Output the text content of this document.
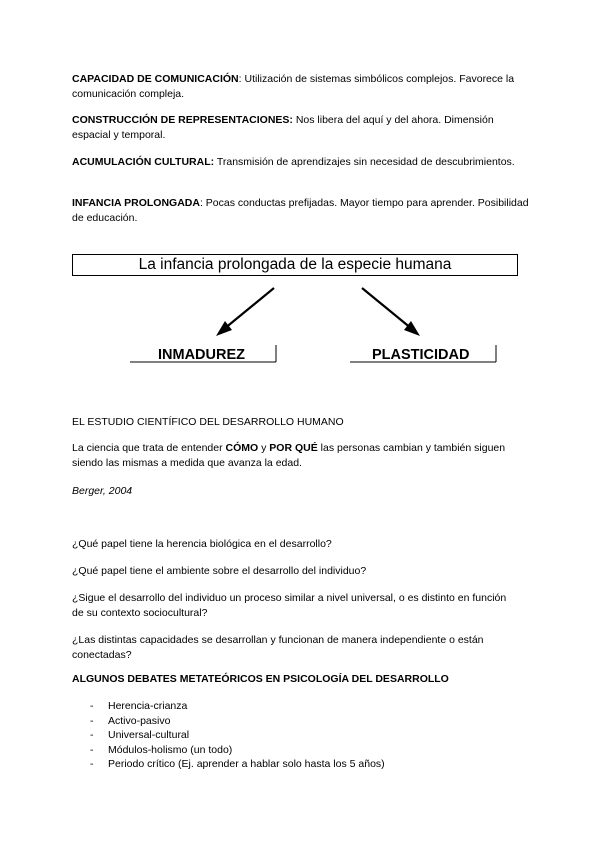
CAPACIDAD DE COMUNICACIÓN: Utilización de sistemas simbólicos complejos. Favorece la comunicación compleja.
CONSTRUCCIÓN DE REPRESENTACIONES: Nos libera del aquí y del ahora. Dimensión espacial y temporal.
ACUMULACIÓN CULTURAL: Transmisión de aprendizajes sin necesidad de descubrimientos.
INFANCIA PROLONGADA: Pocas conductas prefijadas. Mayor tiempo para aprender. Posibilidad de educación.
La infancia prolongada de la especie humana
INMADUREZ	PLASTICIDAD
EL ESTUDIO CIENTÍFICO DEL DESARROLLO HUMANO
La ciencia que trata de entender CÓMO y POR QUÉ las personas cambian y también siguen siendo las mismas a medida que avanza la edad.
Berger, 2004
¿Qué papel tiene la herencia biológica en el desarrollo?
¿Qué papel tiene el ambiente sobre el desarrollo del individuo?
¿Sigue el desarrollo del individuo un proceso similar a nivel universal, o es distinto en función de su contexto sociocultural?
¿Las distintas capacidades se desarrollan y funcionan de manera independiente o están conectadas?
ALGUNOS DEBATES METATEÓRICOS EN PSICOLOGÍA DEL DESARROLLO
- Herencia-crianza
- Activo-pasivo
- Universal-cultural
- Módulos-holismo (un todo)
- Periodo crítico (Ej. aprender a hablar solo hasta los 5 años)
